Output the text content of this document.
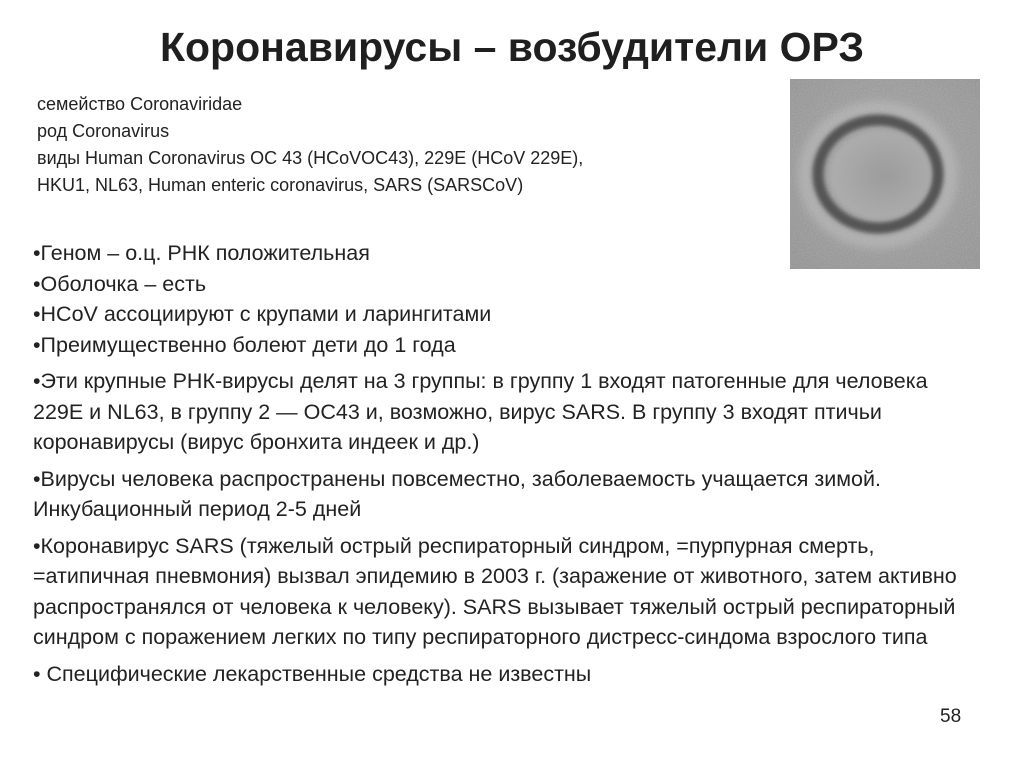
Коронавирусы – возбудители ОРЗ
семейство Coronaviridae
род Coronavirus
виды Human Coronavirus OC 43 (HCoVOC43), 229E (HCoV 229E),
HKU1, NL63, Human enteric coronavirus, SARS (SARSCoV)
•Геном – о.ц. РНК положительная
•Оболочка – есть
•HCoV ассоциируют с крупами и ларингитами
•Преимущественно болеют дети до 1 года
•Эти крупные РНК-вирусы делят на 3 группы: в группу 1 входят патогенные для человека 229E и NL63, в группу 2 — OC43 и, возможно, вирус SARS. В группу 3 входят птичьи коронавирусы (вирус бронхита индеек и др.)
•Вирусы человека распространены повсеместно, заболеваемость учащается зимой. Инкубационный период 2-5 дней
•Коронавирус SARS (тяжелый острый респираторный синдром, =пурпурная смерть, =атипичная пневмония) вызвал эпидемию в 2003 г. (заражение от животного, затем активно распространялся от человека к человеку). SARS вызывает тяжелый острый респираторный синдром с поражением легких по типу респираторного дистресс-синдома взрослого типа
• Специфические лекарственные средства не известны
58
